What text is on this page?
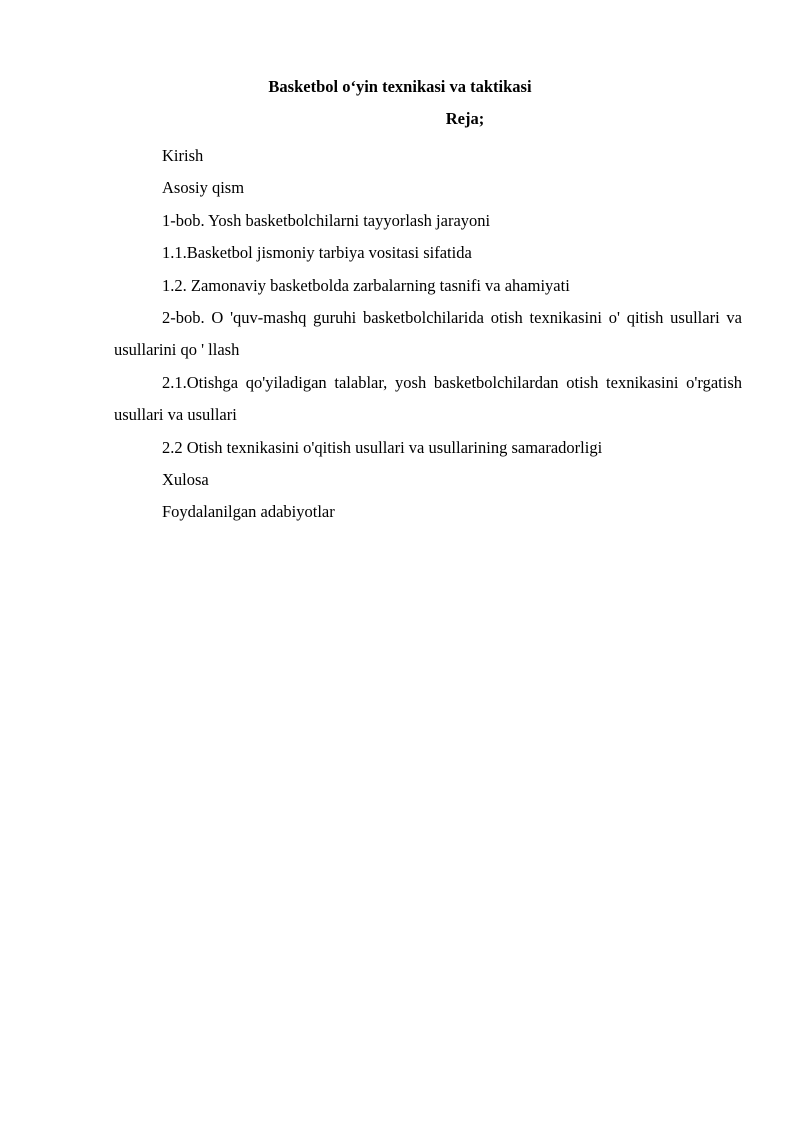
Basketbol o‘yin texnikasi va taktikasi
Reja;

Kirish

Asosiy qism

1-bob. Yosh basketbolchilarni tayyorlash jarayoni

1.1.Basketbol jismoniy tarbiya vositasi sifatida

1.2. Zamonaviy basketbolda zarbalarning tasnifi va ahamiyati

2-bob. O 'quv-mashq guruhi basketbolchilarida otish texnikasini o' qitish usullari va usullarini qo ' llash

2.1.Otishga qo'yiladigan talablar, yosh basketbolchilardan otish texnikasini o'rgatish usullari va usullari

2.2 Otish texnikasini o'qitish usullari va usullarining samaradorligi

Xulosa

Foydalanilgan adabiyotlar
